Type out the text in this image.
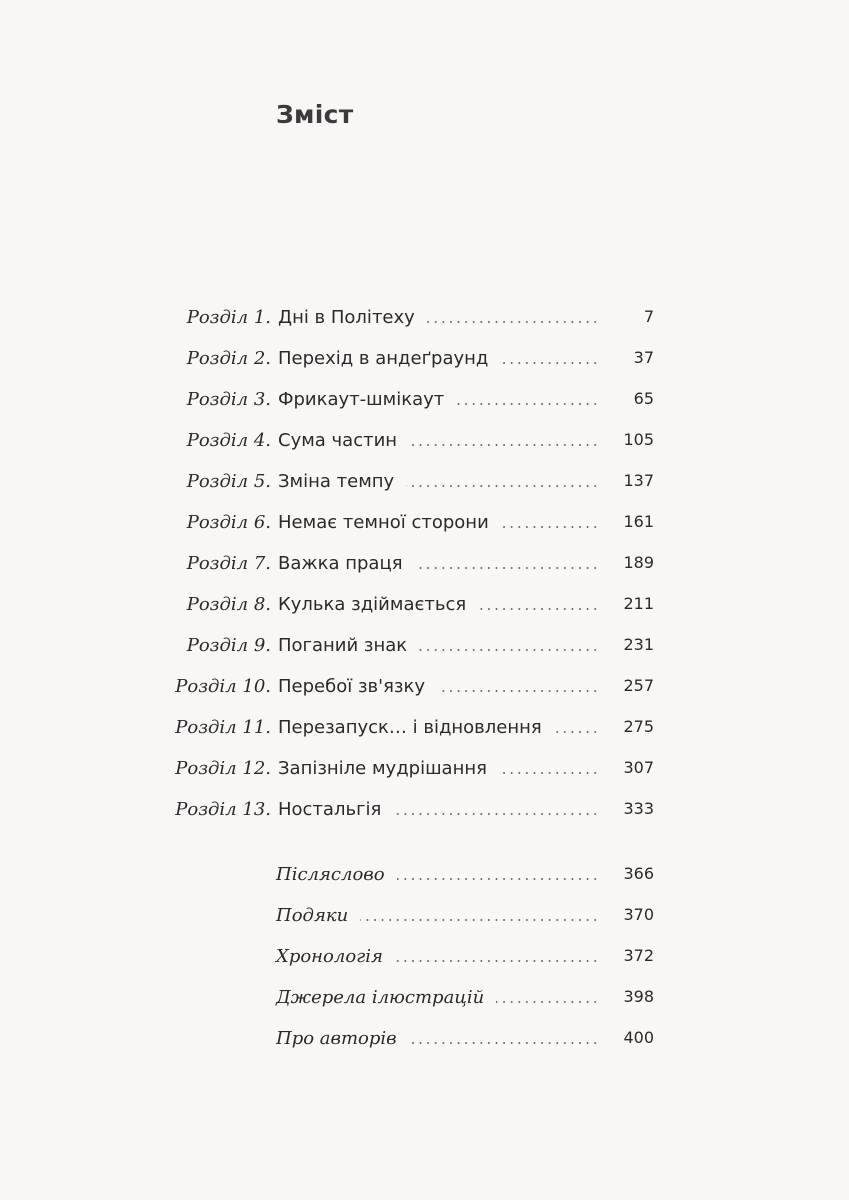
Зміст
Розділ 1. Дні в Політеху	7
Розділ 2. Перехід в андеґраунд	37
Розділ 3. Фрикаут-шмікаут	65
Розділ 4. Сума частин	105
Розділ 5. Зміна темпу	137
Розділ 6. Немає темної сторони	161
Розділ 7. Важка праця	189
Розділ 8. Кулька здіймається	211
Розділ 9. Поганий знак	231
Розділ 10. Перебої зв'язку	257
Розділ 11. Перезапуск… і відновлення	275
Розділ 12. Запізніле мудрішання	307
Розділ 13. Ностальгія	333
Післяслово	366
Подяки	370
Хронологія	372
Джерела ілюстрацій	398
Про авторів	400
